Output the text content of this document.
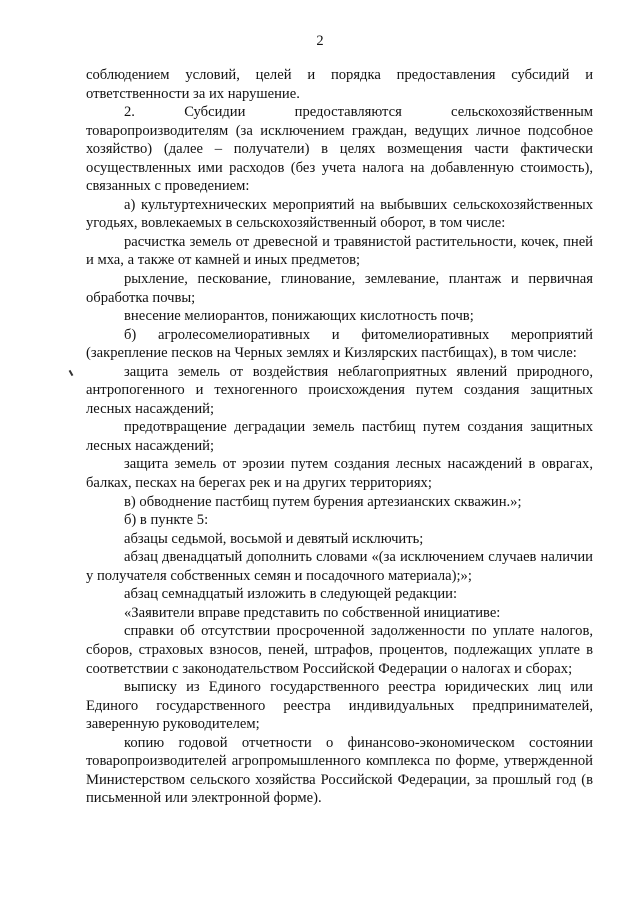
2

соблюдением условий, целей и порядка предоставления субсидий и ответственности за их нарушение.

2. Субсидии предоставляются сельскохозяйственным товаропроизводителям (за исключением граждан, ведущих личное подсобное хозяйство) (далее – получатели) в целях возмещения части фактически осуществленных ими расходов (без учета налога на добавленную стоимость), связанных с проведением:

а) культуртехнических мероприятий на выбывших сельскохозяйственных угодьях, вовлекаемых в сельскохозяйственный оборот, в том числе:

расчистка земель от древесной и травянистой растительности, кочек, пней и мха, а также от камней и иных предметов;

рыхление, пескование, глинование, землевание, плантаж и первичная обработка почвы;

внесение мелиорантов, понижающих кислотность почв;

б) агролесомелиоративных и фитомелиоративных мероприятий (закрепление песков на Черных землях и Кизлярских пастбищах), в том числе:

защита земель от воздействия неблагоприятных явлений природного, антропогенного и техногенного происхождения путем создания защитных лесных насаждений;

предотвращение деградации земель пастбищ путем создания защитных лесных насаждений;

защита земель от эрозии путем создания лесных насаждений в оврагах, балках, песках на берегах рек и на других территориях;

в) обводнение пастбищ путем бурения артезианских скважин.»;

б) в пункте 5:

абзацы седьмой, восьмой и девятый исключить;

абзац двенадцатый дополнить словами «(за исключением случаев наличии у получателя собственных семян и посадочного материала);»;

абзац семнадцатый изложить в следующей редакции:

«Заявители вправе представить по собственной инициативе:

справки об отсутствии просроченной задолженности по уплате налогов, сборов, страховых взносов, пеней, штрафов, процентов, подлежащих уплате в соответствии с законодательством Российской Федерации о налогах и сборах;

выписку из Единого государственного реестра юридических лиц или Единого государственного реестра индивидуальных предпринимателей, заверенную руководителем;

копию годовой отчетности о финансово-экономическом состоянии товаропроизводителей агропромышленного комплекса по форме, утвержденной Министерством сельского хозяйства Российской Федерации, за прошлый год (в письменной или электронной форме).
